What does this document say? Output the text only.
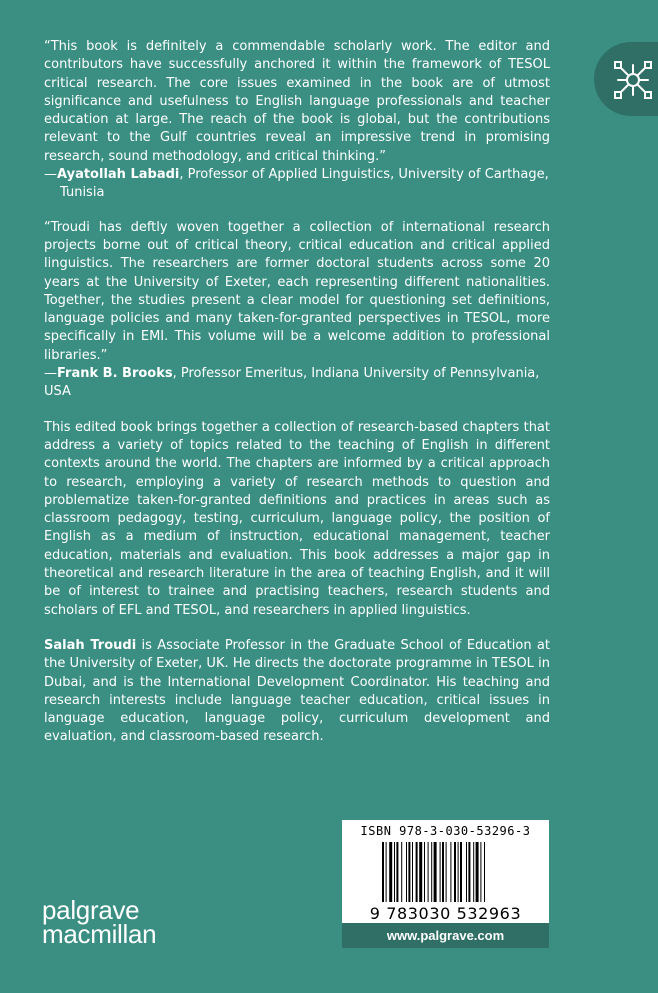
“This book is definitely a commendable scholarly work. The editor and contributors have successfully anchored it within the framework of TESOL critical research. The core issues examined in the book are of utmost significance and usefulness to English language professionals and teacher education at large. The reach of the book is global, but the contributions relevant to the Gulf countries reveal an impressive trend in promising research, sound methodology, and critical thinking.”

—Ayatollah Labadi, Professor of Applied Linguistics, University of Carthage,

Tunisia

“Troudi has deftly woven together a collection of international research projects borne out of critical theory, critical education and critical applied linguistics. The researchers are former doctoral students across some 20 years at the University of Exeter, each representing different nationalities. Together, the studies present a clear model for questioning set definitions, language policies and many taken-for-granted perspectives in TESOL, more specifically in EMI. This volume will be a welcome addition to professional libraries.”

—Frank B. Brooks, Professor Emeritus, Indiana University of Pennsylvania, USA

This edited book brings together a collection of research-based chapters that address a variety of topics related to the teaching of English in different contexts around the world. The chapters are informed by a critical approach to research, employing a variety of research methods to question and problematize taken-for-granted definitions and practices in areas such as classroom pedagogy, testing, curriculum, language policy, the position of English as a medium of instruction, educational management, teacher education, materials and evaluation. This book addresses a major gap in theoretical and research literature in the area of teaching English, and it will be of interest to trainee and practising teachers, research students and scholars of EFL and TESOL, and researchers in applied linguistics.

Salah Troudi is Associate Professor in the Graduate School of Education at the University of Exeter, UK. He directs the doctorate programme in TESOL in Dubai, and is the International Development Coordinator. His teaching and research interests include language teacher education, critical issues in language education, language policy, curriculum development and evaluation, and classroom-based research.

ISBN 978-3-030-53296-3
9 783030 532963
www.palgrave.com
palgrave
macmillan
